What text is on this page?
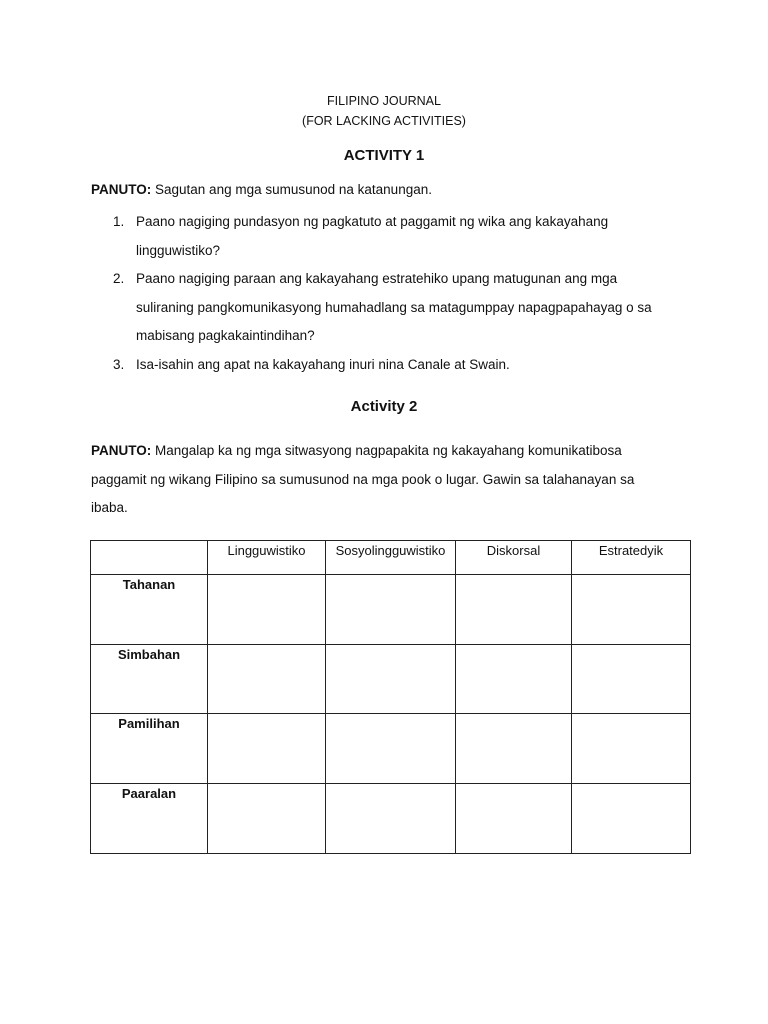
FILIPINO JOURNAL
(FOR LACKING ACTIVITIES)
ACTIVITY 1
PANUTO: Sagutan ang mga sumusunod na katanungan.
1. Paano nagiging pundasyon ng pagkatuto at paggamit ng wika ang kakayahang
lingguwistiko?
2. Paano nagiging paraan ang kakayahang estratehiko upang matugunan ang mga
suliraning pangkomunikasyong humahadlang sa matagumppay napagpapahayag o sa
mabisang pagkakaintindihan?
3. Isa-isahin ang apat na kakayahang inuri nina Canale at Swain.
Activity 2
PANUTO: Mangalap ka ng mga sitwasyong nagpapakita ng kakayahang komunikatibosa
paggamit ng wikang Filipino sa sumusunod na mga pook o lugar. Gawin sa talahanayan sa
ibaba.
	Lingguwistiko	Sosyolingguwistiko	Diskorsal	Estratedyik
Tahanan				
Simbahan				
Pamilihan				
Paaralan				
